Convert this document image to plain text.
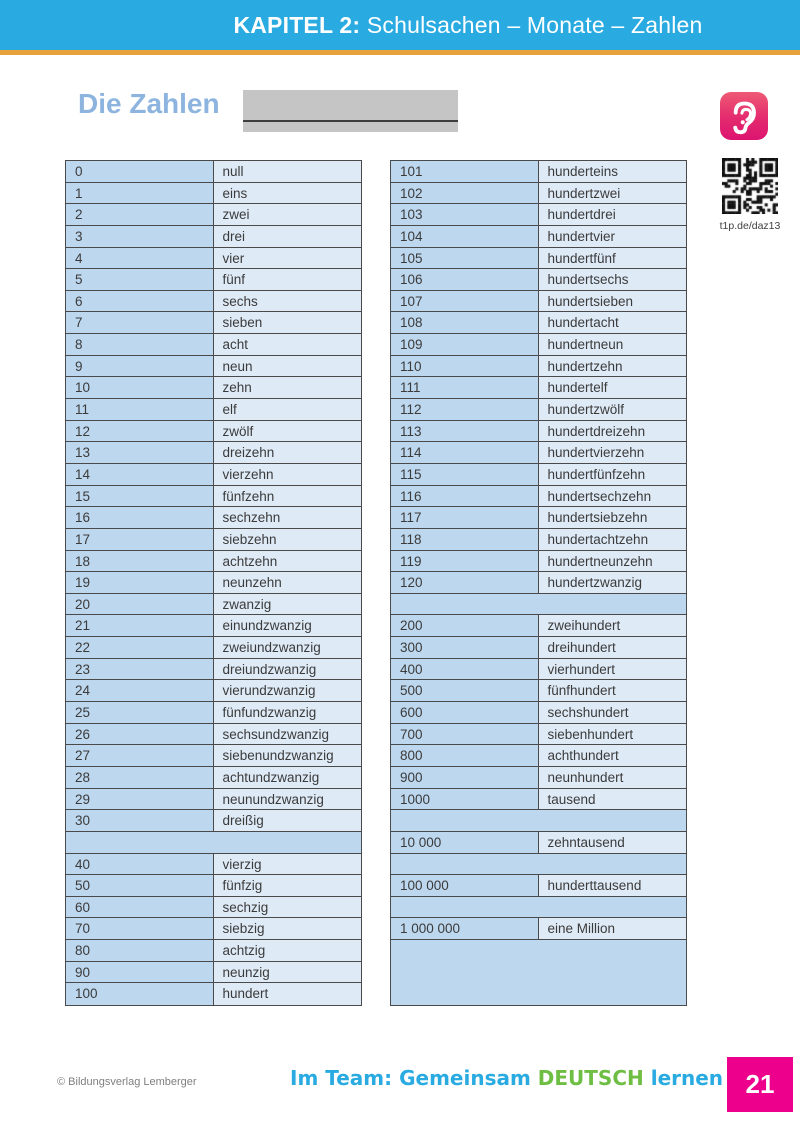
KAPITEL 2: Schulsachen – Monate – Zahlen
Die Zahlen
t1p.de/daz13
0	null
1	eins
2	zwei
3	drei
4	vier
5	fünf
6	sechs
7	sieben
8	acht
9	neun
10	zehn
11	elf
12	zwölf
13	dreizehn
14	vierzehn
15	fünfzehn
16	sechzehn
17	siebzehn
18	achtzehn
19	neunzehn
20	zwanzig
21	einundzwanzig
22	zweiundzwanzig
23	dreiundzwanzig
24	vierundzwanzig
25	fünfundzwanzig
26	sechsundzwanzig
27	siebenundzwanzig
28	achtundzwanzig
29	neunundzwanzig
30	dreißig
40	vierzig
50	fünfzig
60	sechzig
70	siebzig
80	achtzig
90	neunzig
100	hundert
101	hunderteins
102	hundertzwei
103	hundertdrei
104	hundertvier
105	hundertfünf
106	hundertsechs
107	hundertsieben
108	hundertacht
109	hundertneun
110	hundertzehn
111	hundertelf
112	hundertzwölf
113	hundertdreizehn
114	hundertvierzehn
115	hundertfünfzehn
116	hundertsechzehn
117	hundertsiebzehn
118	hundertachtzehn
119	hundertneunzehn
120	hundertzwanzig
200	zweihundert
300	dreihundert
400	vierhundert
500	fünfhundert
600	sechshundert
700	siebenhundert
800	achthundert
900	neunhundert
1000	tausend
10 000	zehntausend
100 000	hunderttausend
1 000 000	eine Million
© Bildungsverlag Lemberger	Im Team: Gemeinsam DEUTSCH lernen 21
